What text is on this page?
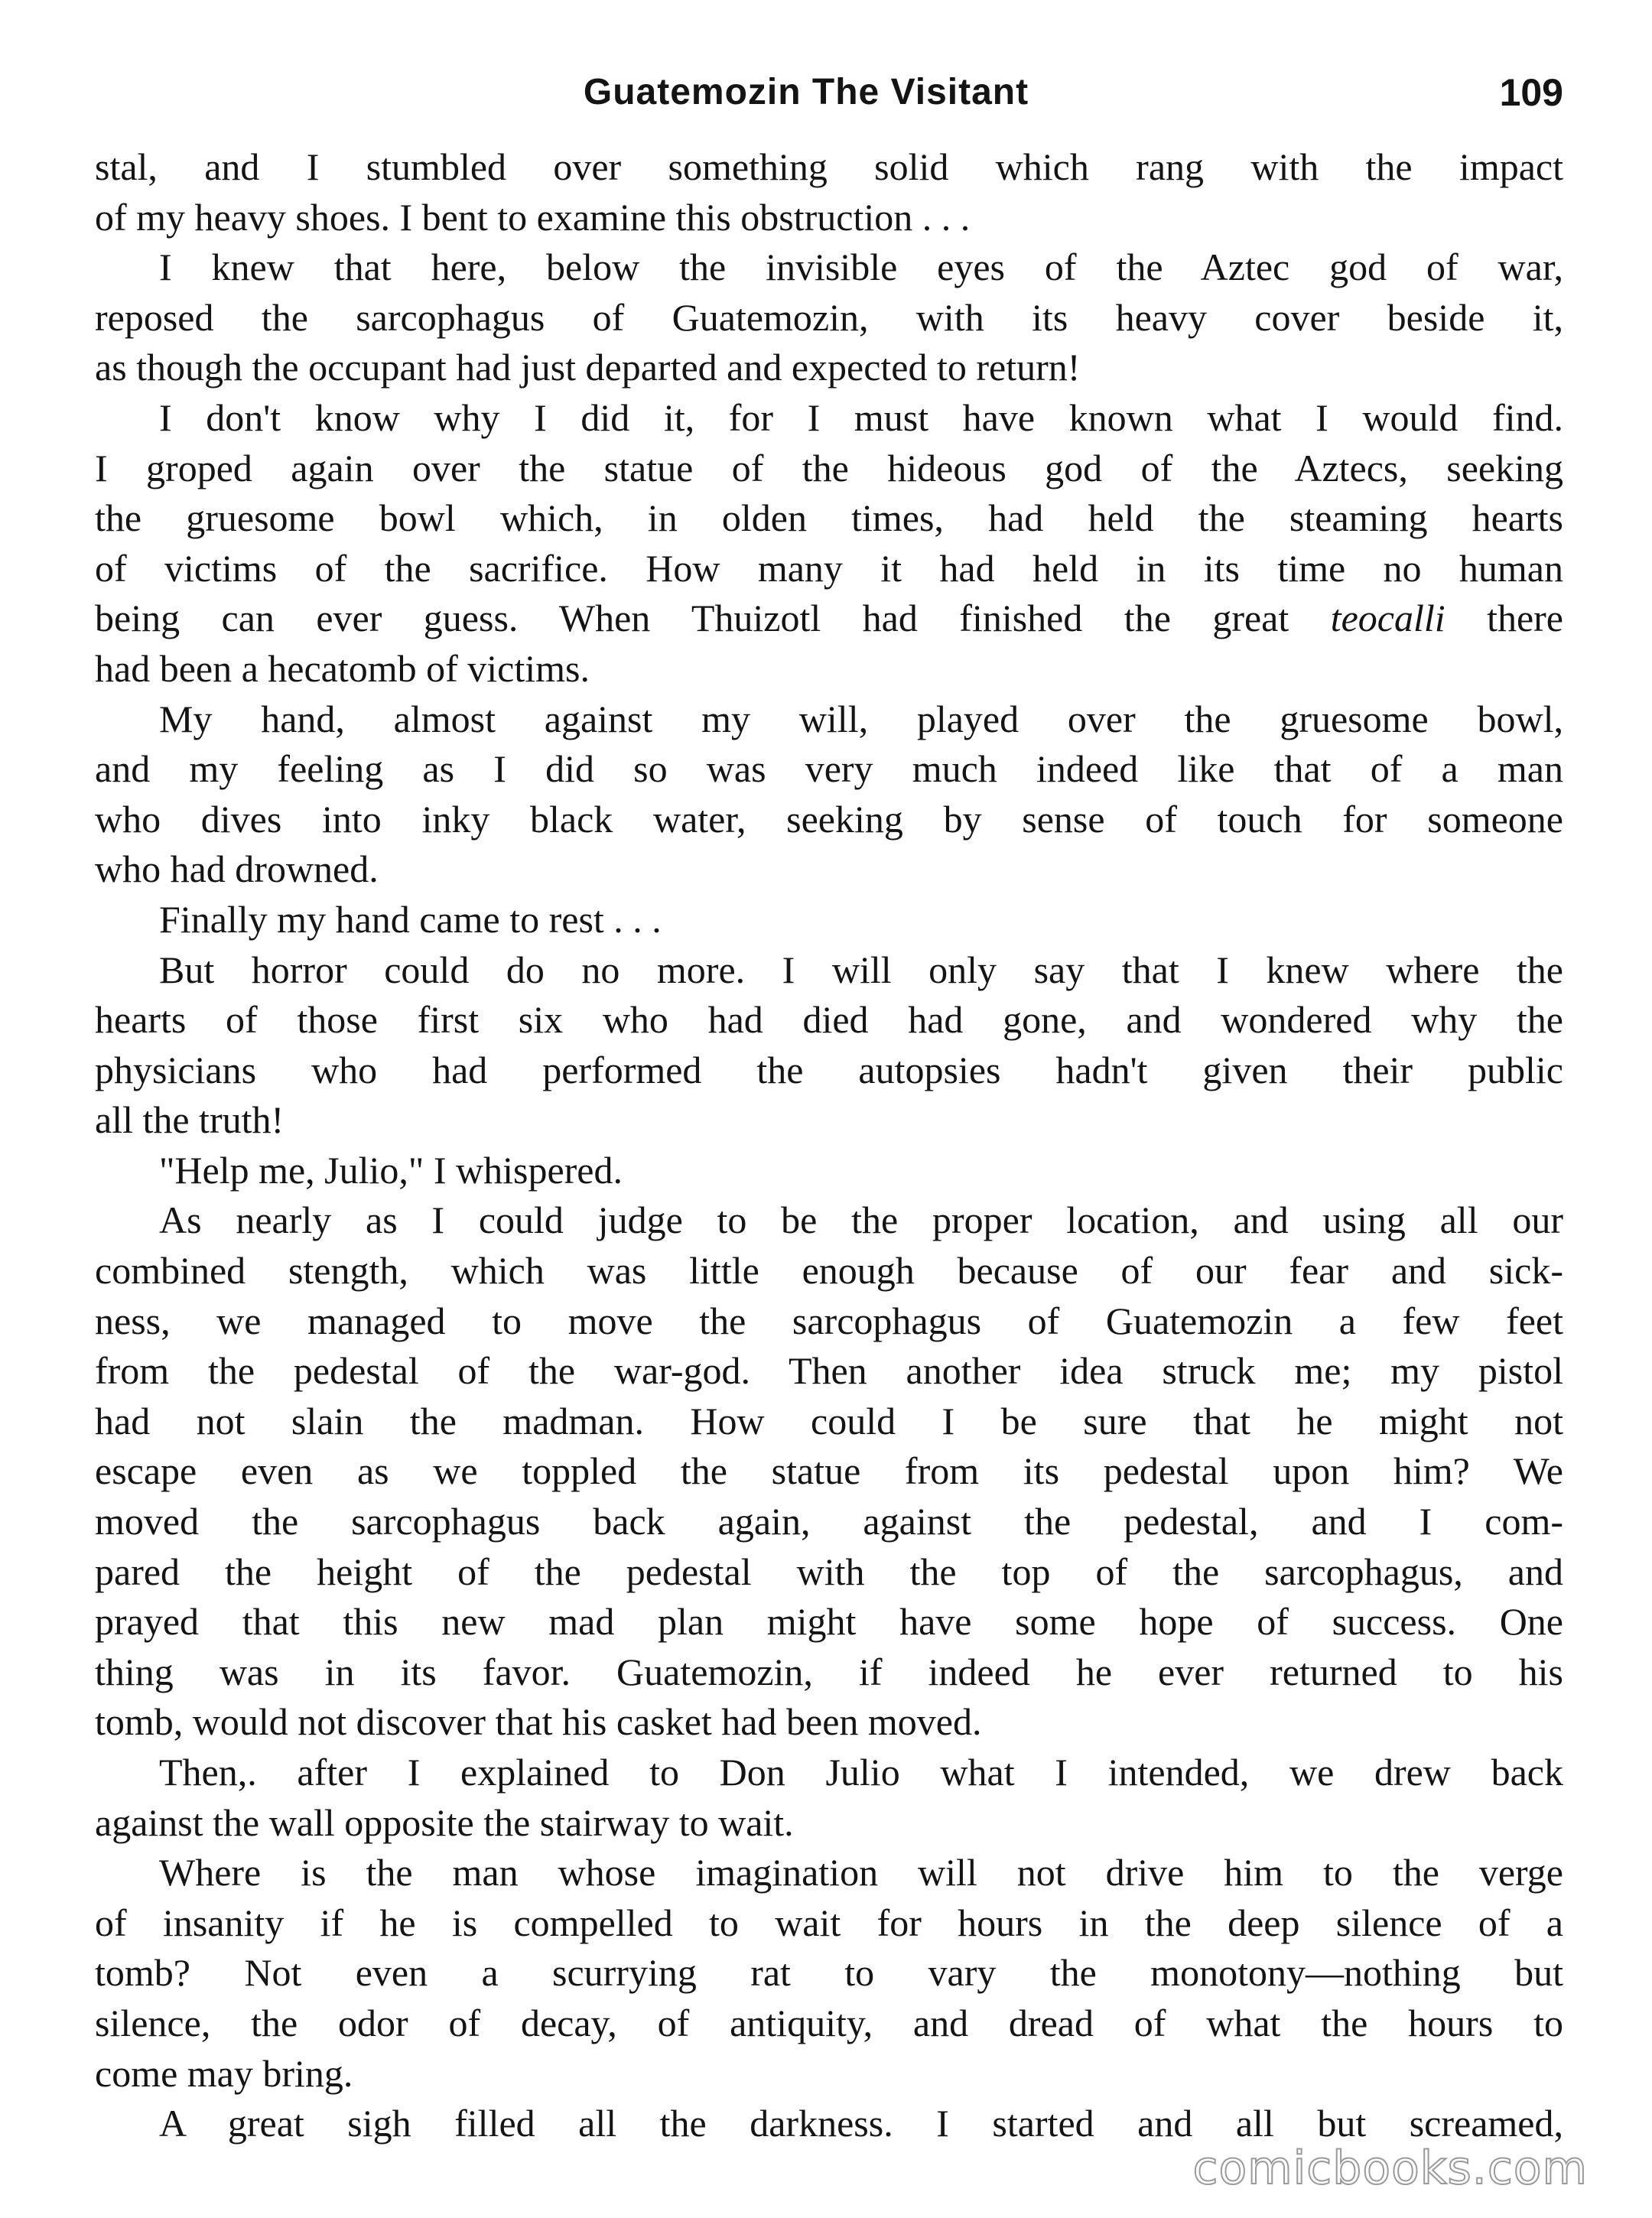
Guatemozin The Visitant	109
stal, and I stumbled over something solid which rang with the impact
of my heavy shoes. I bent to examine this obstruction . . .
I knew that here, below the invisible eyes of the Aztec god of war,
reposed the sarcophagus of Guatemozin, with its heavy cover beside it,
as though the occupant had just departed and expected to return!
I don't know why I did it, for I must have known what I would find.
I groped again over the statue of the hideous god of the Aztecs, seeking
the gruesome bowl which, in olden times, had held the steaming hearts
of victims of the sacrifice. How many it had held in its time no human
being can ever guess. When Thuizotl had finished the great teocalli there
had been a hecatomb of victims.
My hand, almost against my will, played over the gruesome bowl,
and my feeling as I did so was very much indeed like that of a man
who dives into inky black water, seeking by sense of touch for someone
who had drowned.
Finally my hand came to rest . . .
But horror could do no more. I will only say that I knew where the
hearts of those first six who had died had gone, and wondered why the
physicians who had performed the autopsies hadn't given their public
all the truth!
"Help me, Julio," I whispered.
As nearly as I could judge to be the proper location, and using all our
combined stength, which was little enough because of our fear and sick-
ness, we managed to move the sarcophagus of Guatemozin a few feet
from the pedestal of the war-god. Then another idea struck me; my pistol
had not slain the madman. How could I be sure that he might not
escape even as we toppled the statue from its pedestal upon him? We
moved the sarcophagus back again, against the pedestal, and I com-
pared the height of the pedestal with the top of the sarcophagus, and
prayed that this new mad plan might have some hope of success. One
thing was in its favor. Guatemozin, if indeed he ever returned to his
tomb, would not discover that his casket had been moved.
Then,. after I explained to Don Julio what I intended, we drew back
against the wall opposite the stairway to wait.
Where is the man whose imagination will not drive him to the verge
of insanity if he is compelled to wait for hours in the deep silence of a
tomb? Not even a scurrying rat to vary the monotony—nothing but
silence, the odor of decay, of antiquity, and dread of what the hours to
come may bring.
A great sigh filled all the darkness. I started and all but screamed,
comicbooks.com
